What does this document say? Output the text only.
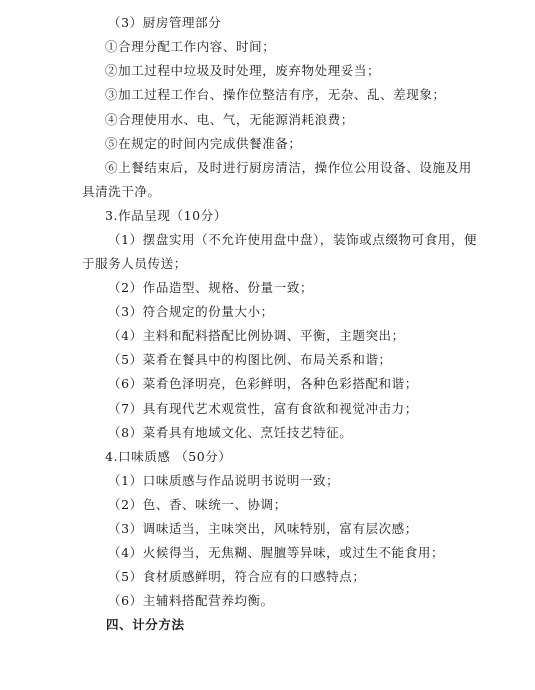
（3）厨房管理部分
①合理分配工作内容、时间；
②加工过程中垃圾及时处理，废弃物处理妥当；
③加工过程工作台、操作位整洁有序，无杂、乱、差现象；
④合理使用水、电、气，无能源消耗浪费；
⑤在规定的时间内完成供餐准备；
⑥上餐结束后，及时进行厨房清洁，操作位公用设备、设施及用
具清洗干净。
3.作品呈现（10分）
（1）摆盘实用（不允许使用盘中盘），装饰或点缀物可食用，便
于服务人员传送；
（2）作品造型、规格、份量一致；
（3）符合规定的份量大小；
（4）主料和配料搭配比例协调、平衡，主题突出；
（5）菜肴在餐具中的构图比例、布局关系和谐；
（6）菜肴色泽明亮，色彩鲜明，各种色彩搭配和谐；
（7）具有现代艺术观赏性，富有食欲和视觉冲击力；
（8）菜肴具有地域文化、烹饪技艺特征。
4.口味质感 （50分）
（1）口味质感与作品说明书说明一致；
（2）色、香、味统一、协调；
（3）调味适当，主味突出，风味特别，富有层次感；
（4）火候得当，无焦糊、腥膻等异味，或过生不能食用；
（5）食材质感鲜明，符合应有的口感特点；
（6）主辅料搭配营养均衡。
四、计分方法
